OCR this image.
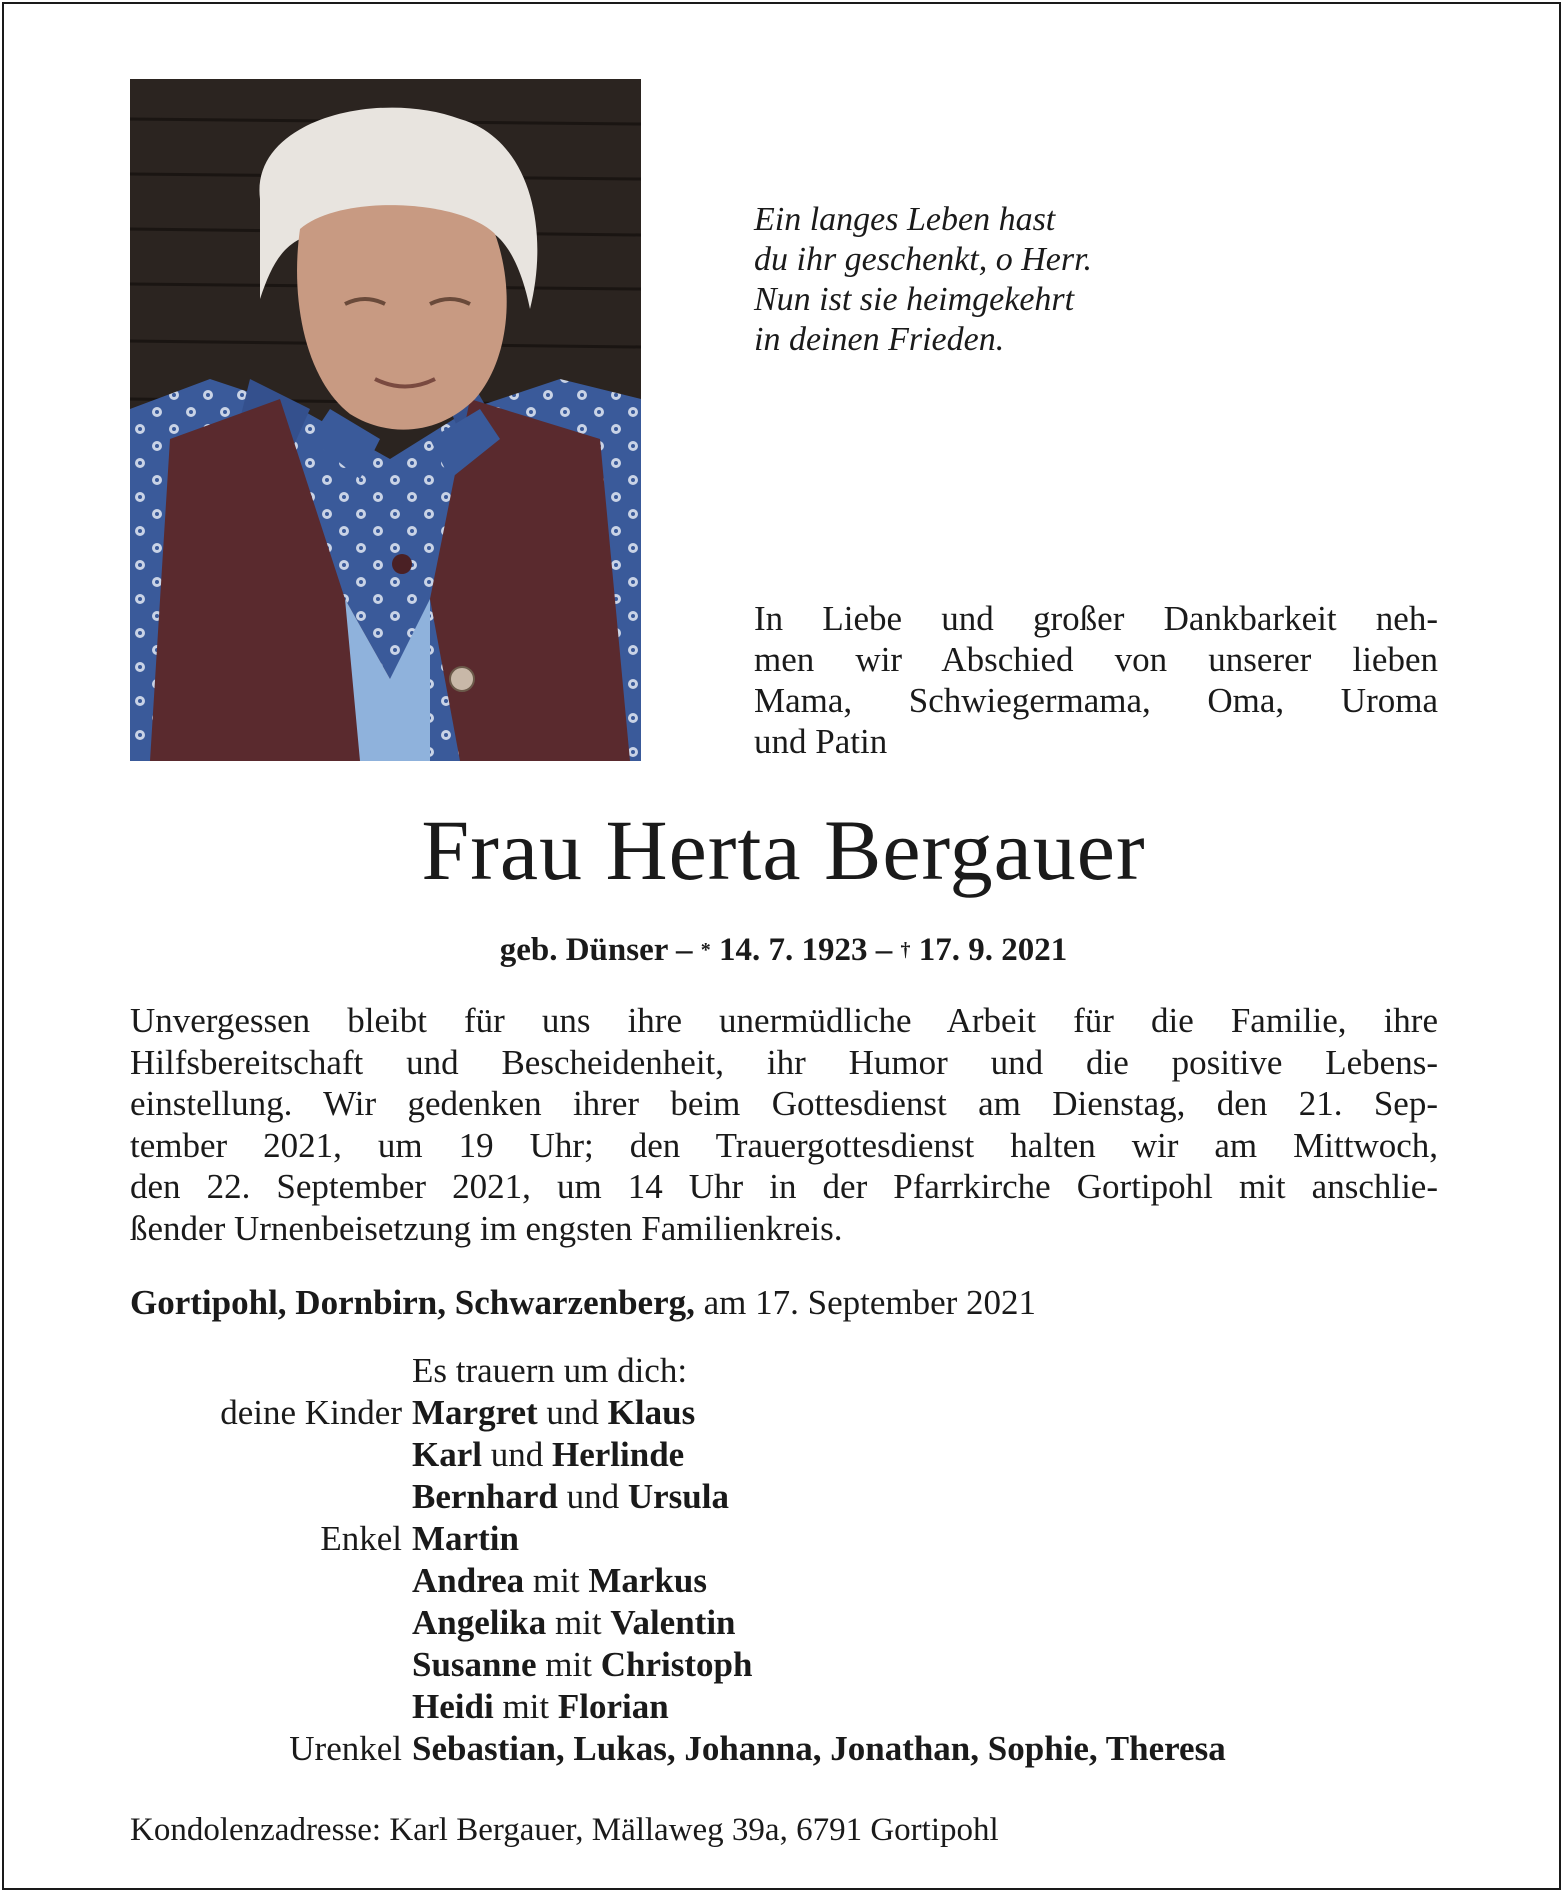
Ein langes Leben hast
du ihr geschenkt, o Herr.
Nun ist sie heimgekehrt
in deinen Frieden.
In Liebe und großer Dankbarkeit neh-
men wir Abschied von unserer lieben
Mama, Schwiegermama, Oma, Uroma
und Patin
Frau Herta Bergauer
geb. Dünser – * 14. 7. 1923 – † 17. 9. 2021
Unvergessen bleibt für uns ihre unermüdliche Arbeit für die Familie, ihre
Hilfsbereitschaft und Bescheidenheit, ihr Humor und die positive Lebens-
einstellung. Wir gedenken ihrer beim Gottesdienst am Dienstag, den 21. Sep-
tember 2021, um 19 Uhr; den Trauergottesdienst halten wir am Mittwoch,
den 22. September 2021, um 14 Uhr in der Pfarrkirche Gortipohl mit anschlie-
ßender Urnenbeisetzung im engsten Familienkreis.
Gortipohl, Dornbirn, Schwarzenberg, am 17. September 2021
Es trauern um dich:
deine Kinder Margret und Klaus
Karl und Herlinde
Bernhard und Ursula
Enkel Martin
Andrea mit Markus
Angelika mit Valentin
Susanne mit Christoph
Heidi mit Florian
Urenkel Sebastian, Lukas, Johanna, Jonathan, Sophie, Theresa
Kondolenzadresse: Karl Bergauer, Mällaweg 39a, 6791 Gortipohl
